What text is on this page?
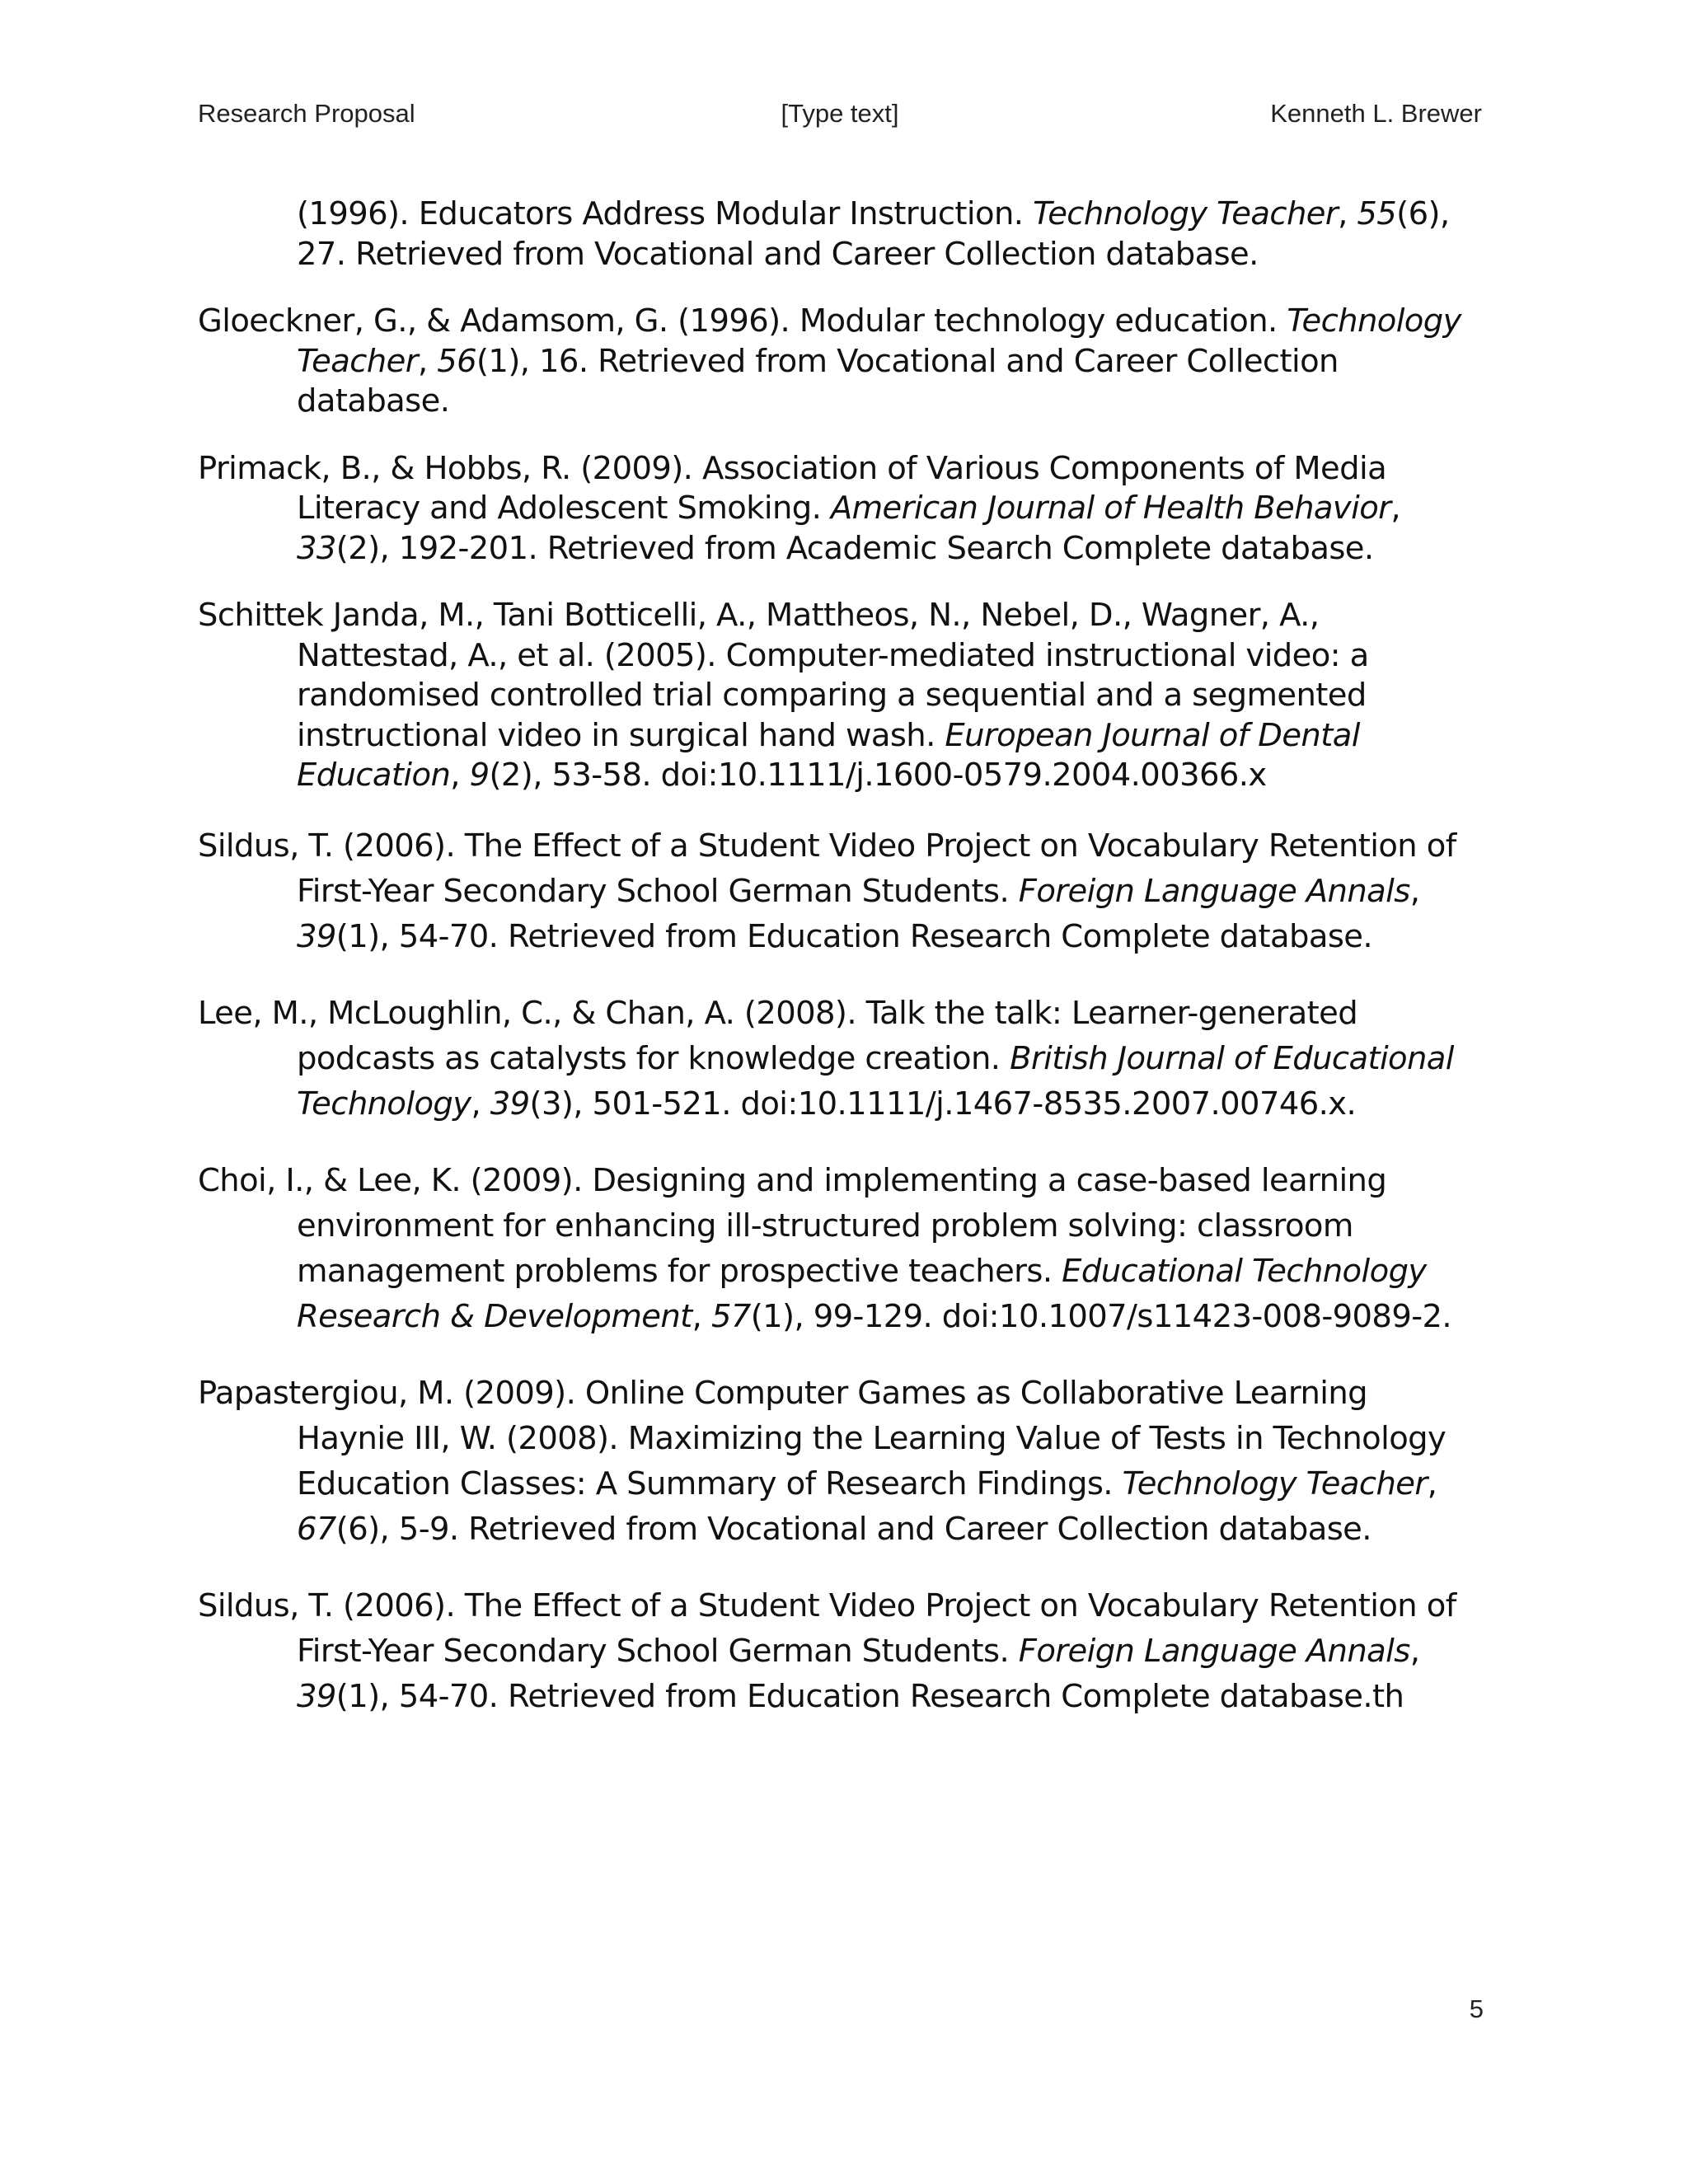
Research Proposal	[Type text]	Kenneth L. Brewer

(1996). Educators Address Modular Instruction. Technology Teacher, 55(6), 27. Retrieved from Vocational and Career Collection database.

Gloeckner, G., & Adamsom, G. (1996). Modular technology education. Technology Teacher, 56(1), 16. Retrieved from Vocational and Career Collection database.

Primack, B., & Hobbs, R. (2009). Association of Various Components of Media Literacy and Adolescent Smoking. American Journal of Health Behavior, 33(2), 192-201. Retrieved from Academic Search Complete database.

Schittek Janda, M., Tani Botticelli, A., Mattheos, N., Nebel, D., Wagner, A., Nattestad, A., et al. (2005). Computer-mediated instructional video: a randomised controlled trial comparing a sequential and a segmented instructional video in surgical hand wash. European Journal of Dental Education, 9(2), 53-58. doi:10.1111/j.1600-0579.2004.00366.x

Sildus, T. (2006). The Effect of a Student Video Project on Vocabulary Retention of First-Year Secondary School German Students. Foreign Language Annals, 39(1), 54-70. Retrieved from Education Research Complete database.

Lee, M., McLoughlin, C., & Chan, A. (2008). Talk the talk: Learner-generated podcasts as catalysts for knowledge creation. British Journal of Educational Technology, 39(3), 501-521. doi:10.1111/j.1467-8535.2007.00746.x.

Choi, I., & Lee, K. (2009). Designing and implementing a case-based learning environment for enhancing ill-structured problem solving: classroom management problems for prospective teachers. Educational Technology Research & Development, 57(1), 99-129. doi:10.1007/s11423-008-9089-2.

Papastergiou, M. (2009). Online Computer Games as Collaborative Learning Haynie III, W. (2008). Maximizing the Learning Value of Tests in Technology Education Classes: A Summary of Research Findings. Technology Teacher, 67(6), 5-9. Retrieved from Vocational and Career Collection database.

Sildus, T. (2006). The Effect of a Student Video Project on Vocabulary Retention of First-Year Secondary School German Students. Foreign Language Annals, 39(1), 54-70. Retrieved from Education Research Complete database.th

5
